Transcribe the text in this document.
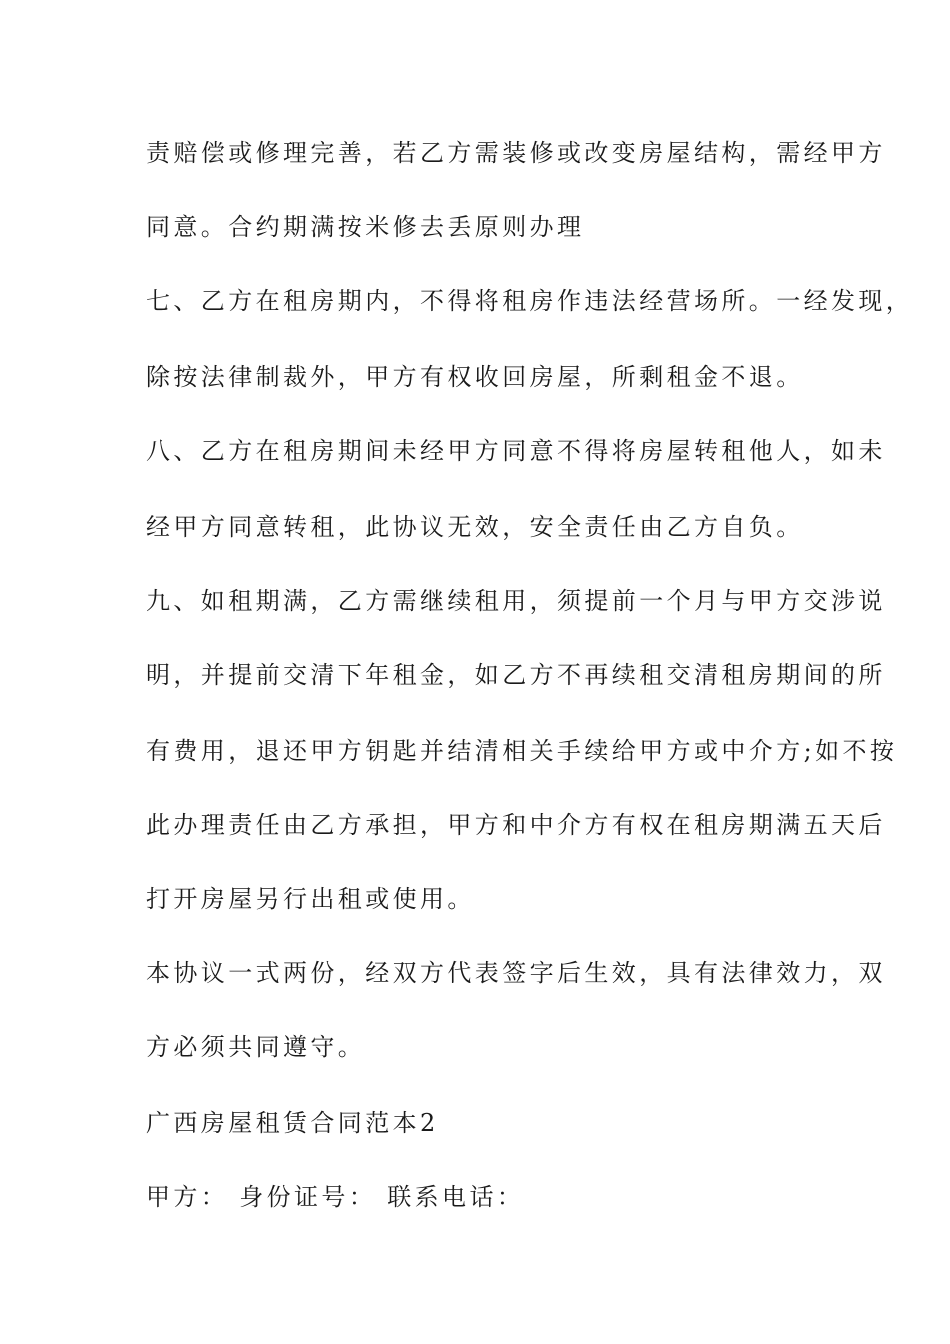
责赔偿或修理完善，若乙方需装修或改变房屋结构，需经甲方
同意。合约期满按米修去丢原则办理
七、乙方在租房期内，不得将租房作违法经营场所。一经发现，
除按法律制裁外，甲方有权收回房屋，所剩租金不退。
八、乙方在租房期间未经甲方同意不得将房屋转租他人，如未
经甲方同意转租，此协议无效，安全责任由乙方自负。
九、如租期满，乙方需继续租用，须提前一个月与甲方交涉说
明，并提前交清下年租金，如乙方不再续租交清租房期间的所
有费用，退还甲方钥匙并结清相关手续给甲方或中介方;如不按
此办理责任由乙方承担，甲方和中介方有权在租房期满五天后
打开房屋另行出租或使用。
本协议一式两份，经双方代表签字后生效，具有法律效力，双
方必须共同遵守。
广西房屋租赁合同范本2
甲方： 身份证号： 联系电话：
